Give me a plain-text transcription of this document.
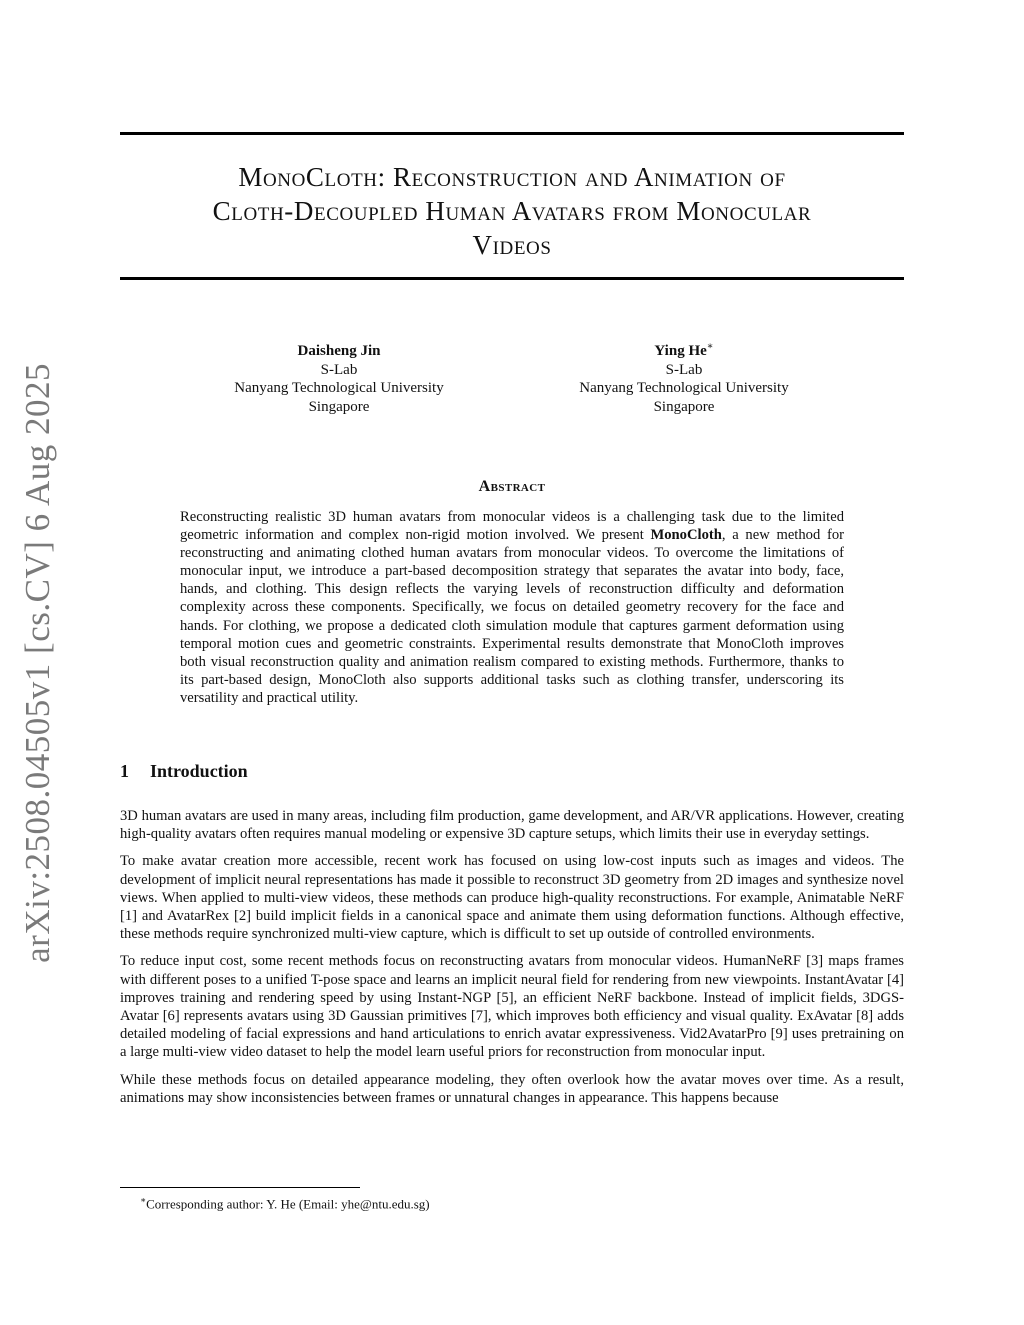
arXiv:2508.04505v1 [cs.CV] 6 Aug 2025
MonoCloth: Reconstruction and Animation of
Cloth-Decoupled Human Avatars from Monocular
Videos
Daisheng Jin
S-Lab
Nanyang Technological University
Singapore
Ying He∗
S-Lab
Nanyang Technological University
Singapore
Abstract
Reconstructing realistic 3D human avatars from monocular videos is a challenging task due to the limited geometric information and complex non-rigid motion involved. We present MonoCloth, a new method for reconstructing and animating clothed human avatars from monocular videos. To overcome the limitations of monocular input, we introduce a part-based decomposition strategy that separates the avatar into body, face, hands, and clothing. This design reflects the varying levels of reconstruction difficulty and deformation complexity across these components. Specifically, we focus on detailed geometry recovery for the face and hands. For clothing, we propose a dedicated cloth simulation module that captures garment deformation using temporal motion cues and geometric constraints. Experimental results demonstrate that MonoCloth improves both visual reconstruction quality and animation realism compared to existing methods. Furthermore, thanks to its part-based design, MonoCloth also supports additional tasks such as clothing transfer, underscoring its versatility and practical utility.
1 Introduction

3D human avatars are used in many areas, including film production, game development, and AR/VR applications. However, creating high-quality avatars often requires manual modeling or expensive 3D capture setups, which limits their use in everyday settings.

To make avatar creation more accessible, recent work has focused on using low-cost inputs such as images and videos. The development of implicit neural representations has made it possible to reconstruct 3D geometry from 2D images and synthesize novel views. When applied to multi-view videos, these methods can produce high-quality reconstructions. For example, Animatable NeRF [1] and AvatarRex [2] build implicit fields in a canonical space and animate them using deformation functions. Although effective, these methods require synchronized multi-view capture, which is difficult to set up outside of controlled environments.

To reduce input cost, some recent methods focus on reconstructing avatars from monocular videos. HumanNeRF [3] maps frames with different poses to a unified T-pose space and learns an implicit neural field for rendering from new viewpoints. InstantAvatar [4] improves training and rendering speed by using Instant-NGP [5], an efficient NeRF backbone. Instead of implicit fields, 3DGS-Avatar [6] represents avatars using 3D Gaussian primitives [7], which improves both efficiency and visual quality. ExAvatar [8] adds detailed modeling of facial expressions and hand articulations to enrich avatar expressiveness. Vid2AvatarPro [9] uses pretraining on a large multi-view video dataset to help the model learn useful priors for reconstruction from monocular input.

While these methods focus on detailed appearance modeling, they often overlook how the avatar moves over time. As a result, animations may show inconsistencies between frames or unnatural changes in appearance. This happens because

∗Corresponding author: Y. He (Email: yhe@ntu.edu.sg)
